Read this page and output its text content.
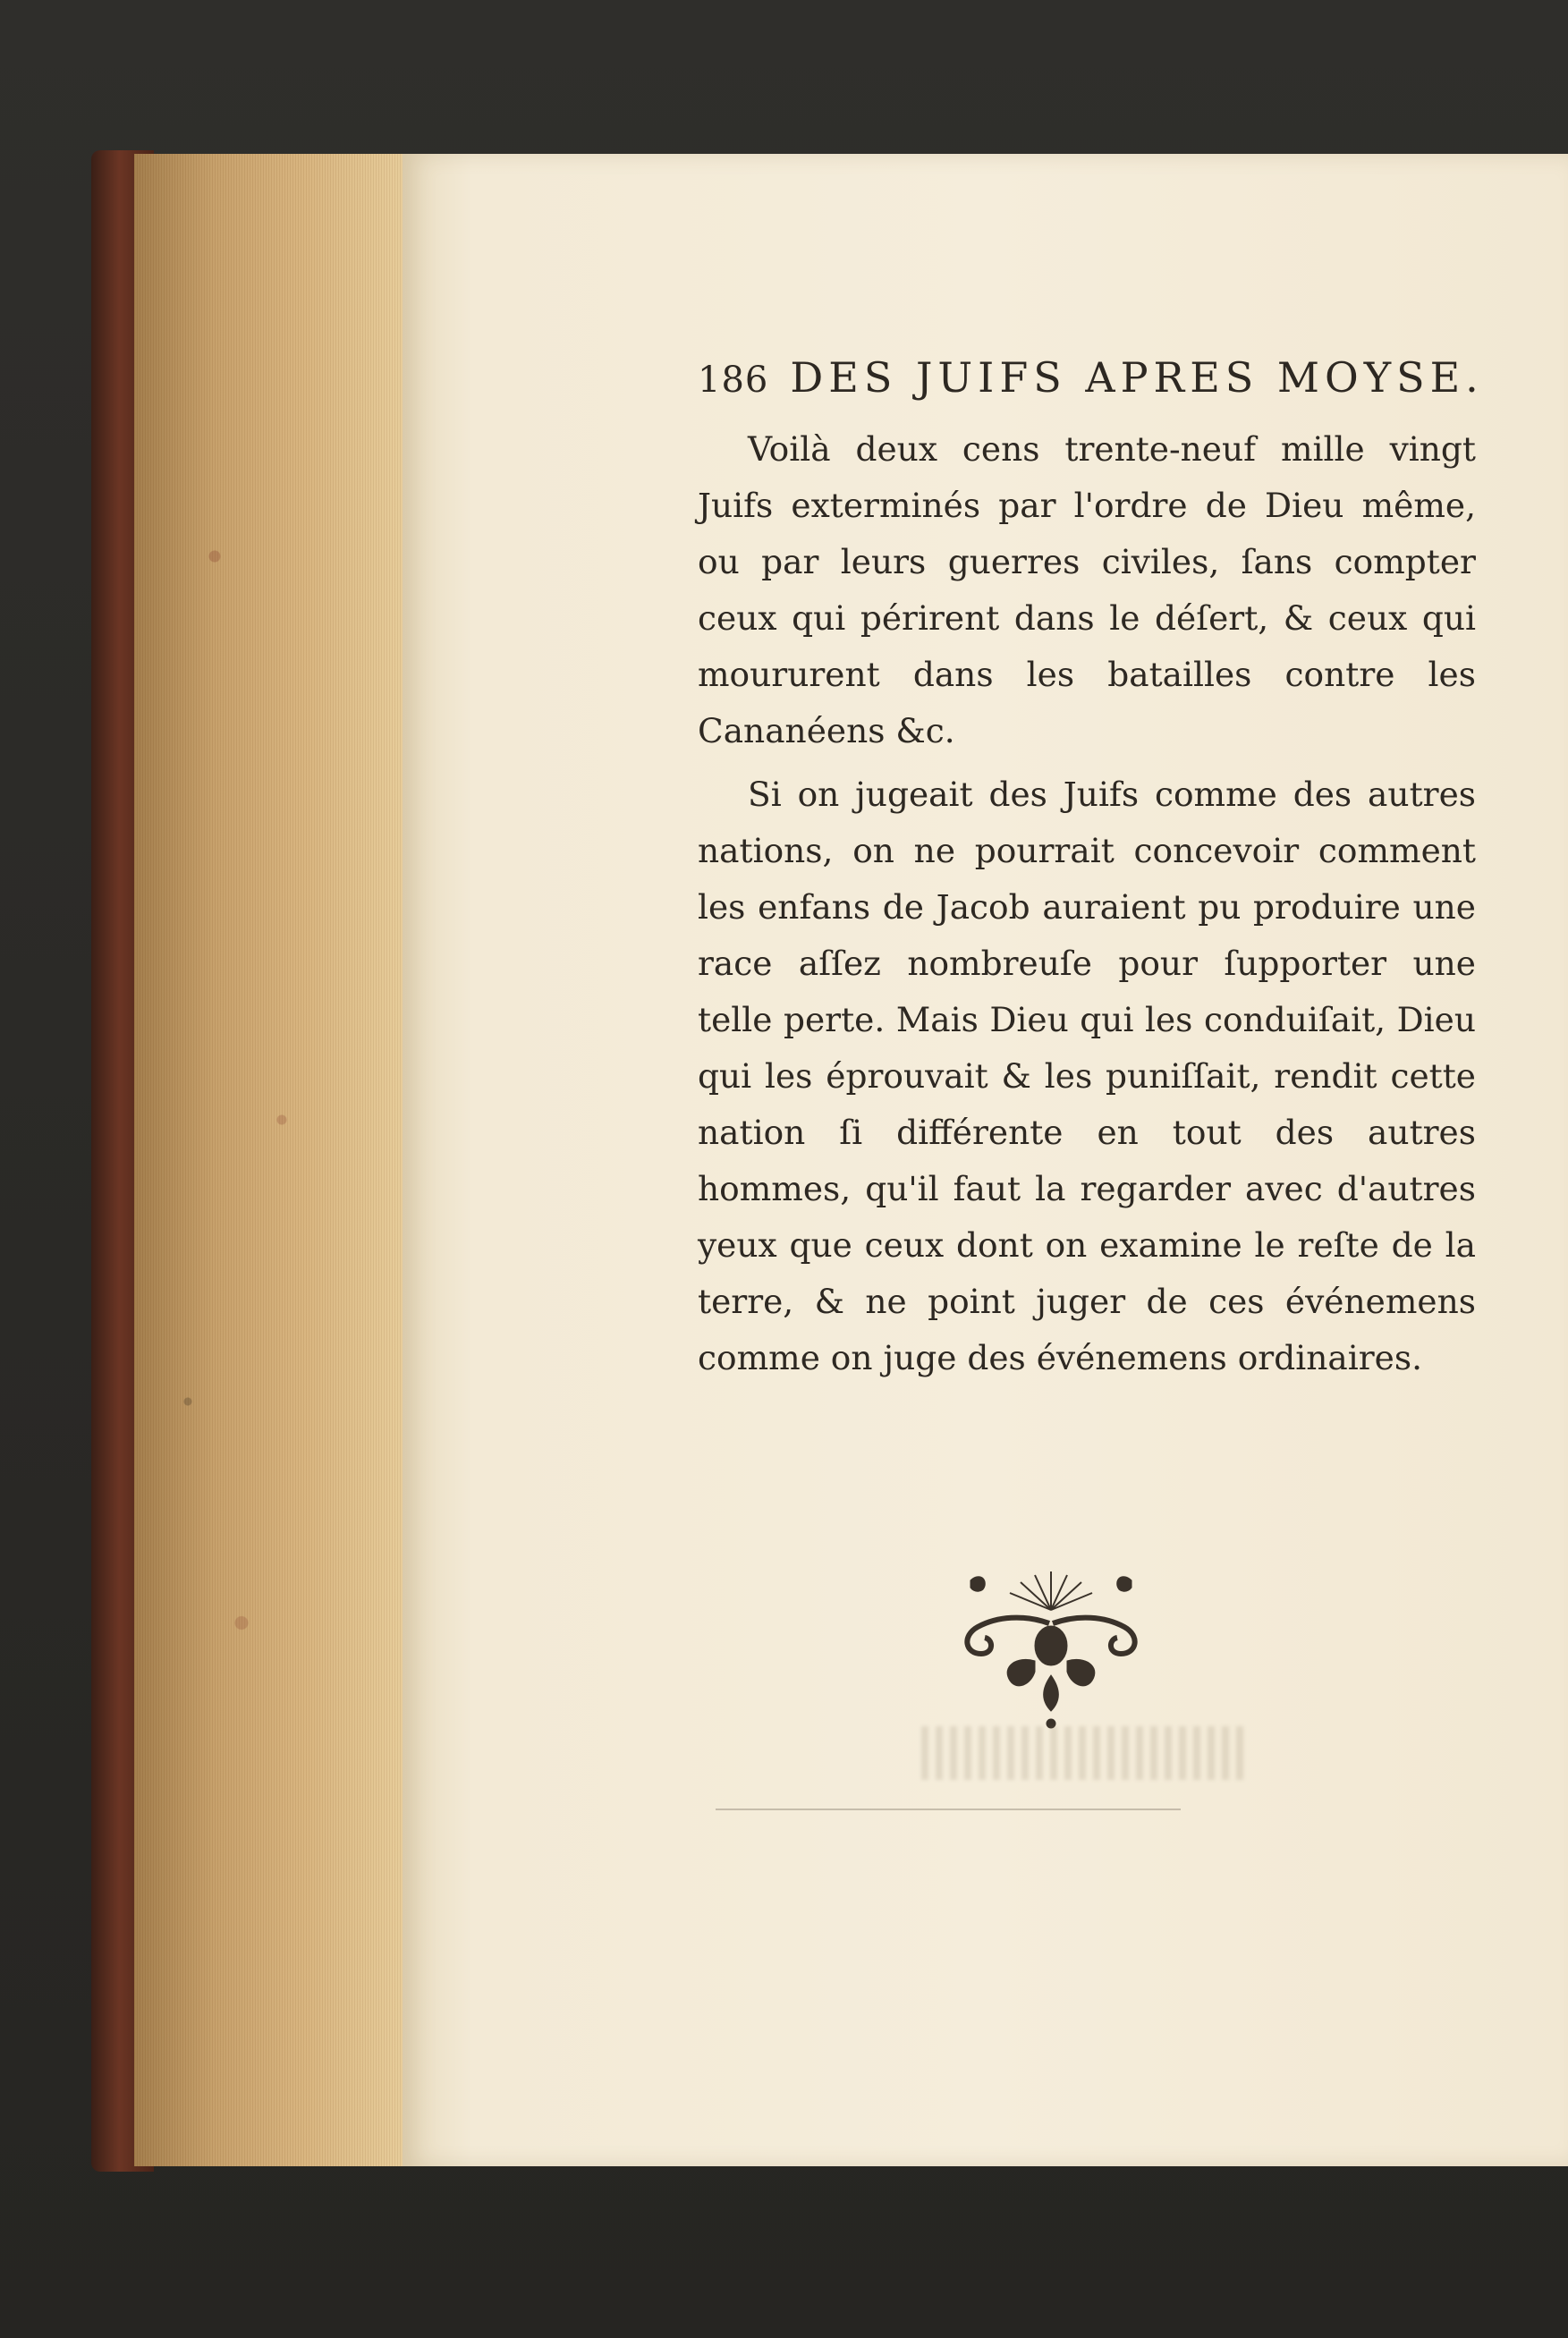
186 DES JUIFS APRES MOYSE.

Voilà deux cens trente-neuf mille vingt Juifs exterminés par l'ordre de Dieu même, ou par leurs guerres civiles, ſans compter ceux qui périrent dans le déſert, & ceux qui moururent dans les batailles contre les Cananéens &c.

Si on jugeait des Juifs comme des autres nations, on ne pourrait concevoir comment les enfans de Jacob auraient pu produire une race aſſez nombreuſe pour ſupporter une telle perte. Mais Dieu qui les conduiſait, Dieu qui les éprouvait & les puniſſait, rendit cette nation ſi différente en tout des autres hommes, qu'il faut la regarder avec d'autres yeux que ceux dont on examine le reſte de la terre, & ne point juger de ces événemens comme on juge des événemens ordinaires.
